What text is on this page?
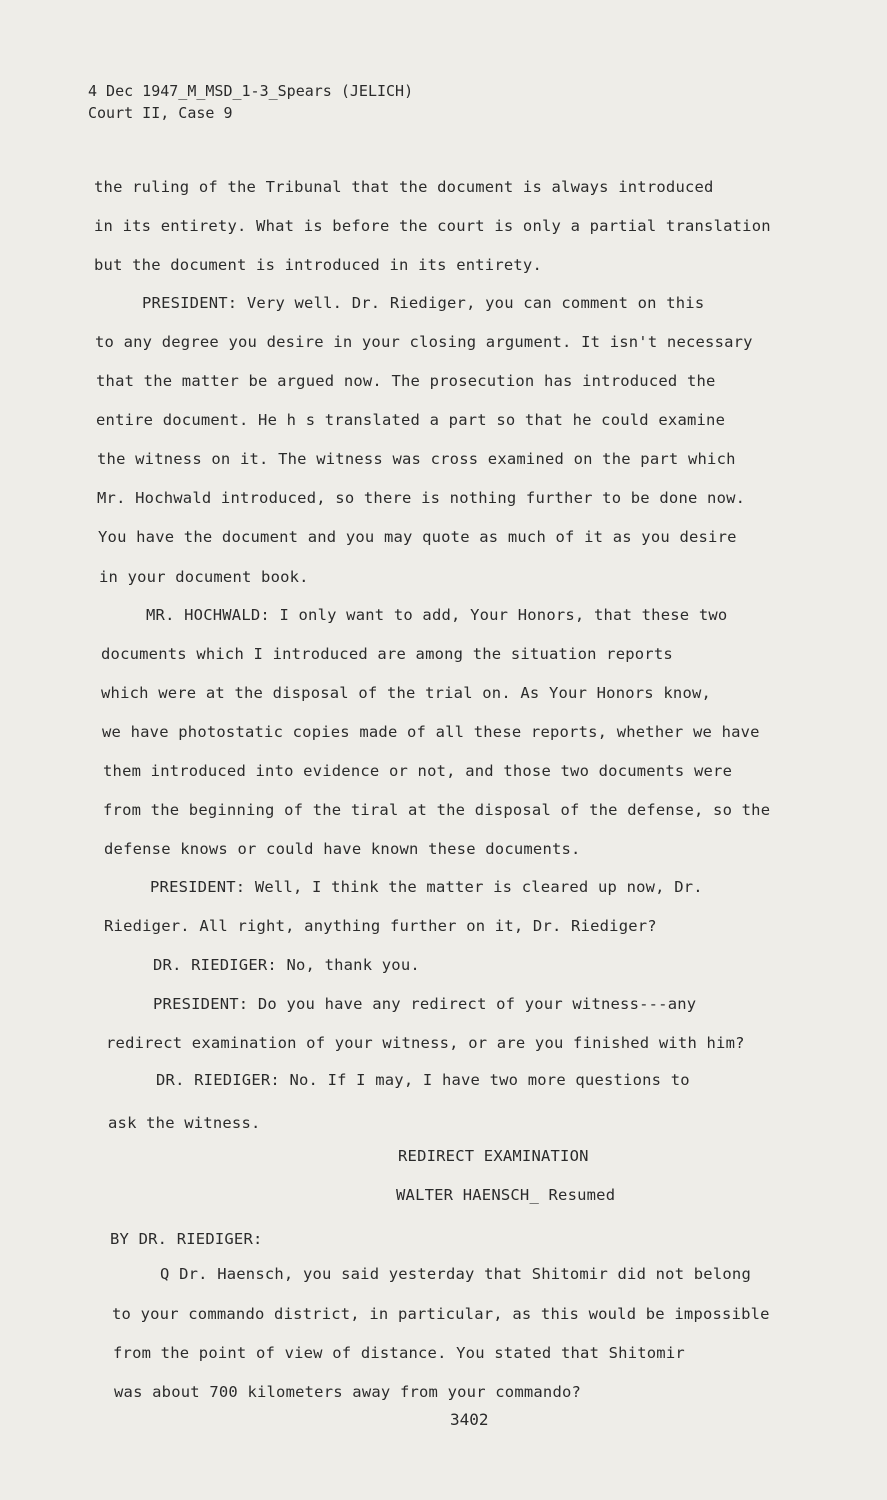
4 Dec 1947_M_MSD_1-3_Spears (JELICH)
Court II, Case 9
the ruling of the Tribunal that the document is always introduced
in its entirety. What is before the court is only a partial translation
but the document is introduced in its entirety.
PRESIDENT: Very well. Dr. Riediger, you can comment on this
to any degree you desire in your closing argument. It isn't necessary
that the matter be argued now. The prosecution has introduced the
entire document. He h s translated a part so that he could examine
the witness on it. The witness was cross examined on the part which
Mr. Hochwald introduced, so there is nothing further to be done now.
You have the document and you may quote as much of it as you desire
in your document book.
MR. HOCHWALD: I only want to add, Your Honors, that these two
documents which I introduced are among the situation reports
which were at the disposal of the trial on. As Your Honors know,
we have photostatic copies made of all these reports, whether we have
them introduced into evidence or not, and those two documents were
from the beginning of the tiral at the disposal of the defense, so the
defense knows or could have known these documents.
PRESIDENT: Well, I think the matter is cleared up now, Dr.
Riediger. All right, anything further on it, Dr. Riediger?
DR. RIEDIGER: No, thank you.
PRESIDENT: Do you have any redirect of your witness---any
redirect examination of your witness, or are you finished with him?
DR. RIEDIGER: No. If I may, I have two more questions to
ask the witness.
REDIRECT EXAMINATION
WALTER HAENSCH_ Resumed
BY DR. RIEDIGER:
Q Dr. Haensch, you said yesterday that Shitomir did not belong
to your commando district, in particular, as this would be impossible
from the point of view of distance. You stated that Shitomir
was about 700 kilometers away from your commando?
3402
